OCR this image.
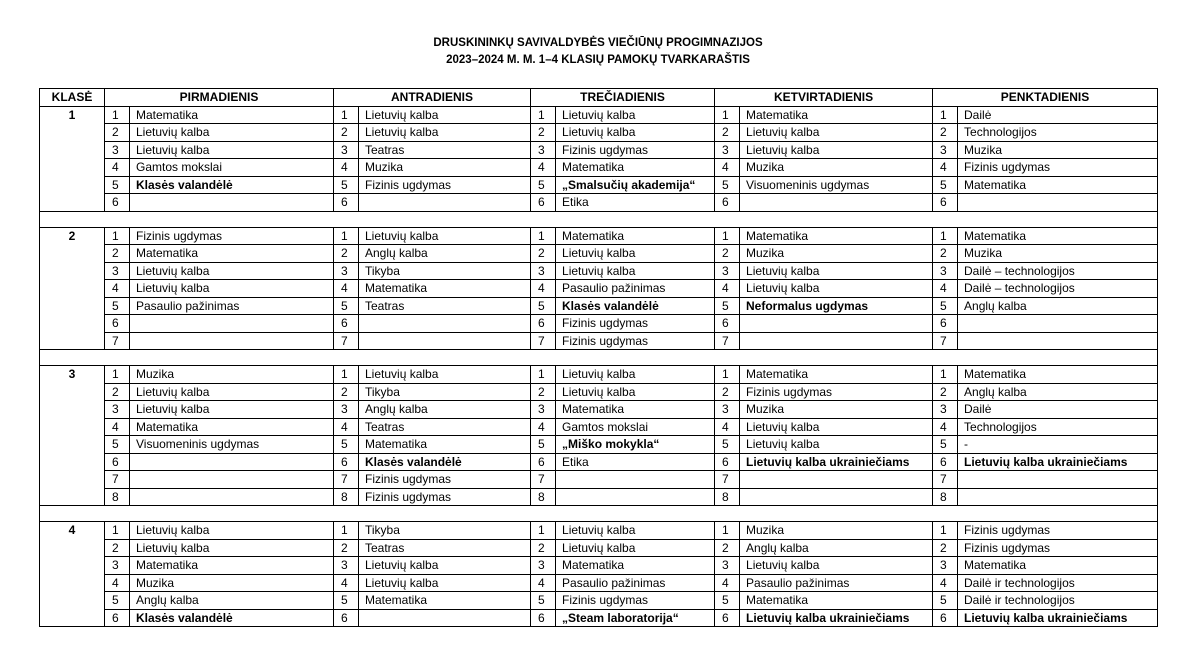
DRUSKININKŲ SAVIVALDYBĖS VIEČIŪNŲ PROGIMNAZIJOS
2023–2024 M. M. 1–4 KLASIŲ PAMOKŲ TVARKARAŠTIS
KLASĖ	PIRMADIENIS		ANTRADIENIS		TREČIADIENIS		KETVIRTADIENIS		PENKTADIENIS	
1	1	Matematika	1	Lietuvių kalba	1	Lietuvių kalba	1	Matematika	1	Dailė
	2	Lietuvių kalba	2	Lietuvių kalba	2	Lietuvių kalba	2	Lietuvių kalba	2	Technologijos
	3	Lietuvių kalba	3	Teatras	3	Fizinis ugdymas	3	Lietuvių kalba	3	Muzika
	4	Gamtos mokslai	4	Muzika	4	Matematika	4	Muzika	4	Fizinis ugdymas
	5	Klasės valandėlė	5	Fizinis ugdymas	5	„Smalsučių akademija“	5	Visuomeninis ugdymas	5	Matematika
	6		6		6	Etika	6		6	

2	1	Fizinis ugdymas	1	Lietuvių kalba	1	Matematika	1	Matematika	1	Matematika
	2	Matematika	2	Anglų kalba	2	Lietuvių kalba	2	Muzika	2	Muzika
	3	Lietuvių kalba	3	Tikyba	3	Lietuvių kalba	3	Lietuvių kalba	3	Dailė – technologijos
	4	Lietuvių kalba	4	Matematika	4	Pasaulio pažinimas	4	Lietuvių kalba	4	Dailė – technologijos
	5	Pasaulio pažinimas	5	Teatras	5	Klasės valandėlė	5	Neformalus ugdymas	5	Anglų kalba
	6		6		6	Fizinis ugdymas	6		6	
	7		7		7	Fizinis ugdymas	7		7	

3	1	Muzika	1	Lietuvių kalba	1	Lietuvių kalba	1	Matematika	1	Matematika
	2	Lietuvių kalba	2	Tikyba	2	Lietuvių kalba	2	Fizinis ugdymas	2	Anglų kalba
	3	Lietuvių kalba	3	Anglų kalba	3	Matematika	3	Muzika	3	Dailė
	4	Matematika	4	Teatras	4	Gamtos mokslai	4	Lietuvių kalba	4	Technologijos
	5	Visuomeninis ugdymas	5	Matematika	5	„Miško mokykla“	5	Lietuvių kalba	5	-
	6		6	Klasės valandėlė	6	Etika	6	Lietuvių kalba ukrainiečiams	6	Lietuvių kalba ukrainiečiams
	7		7	Fizinis ugdymas	7		7		7	
	8		8	Fizinis ugdymas	8		8		8	

4	1	Lietuvių kalba	1	Tikyba	1	Lietuvių kalba	1	Muzika	1	Fizinis ugdymas
	2	Lietuvių kalba	2	Teatras	2	Lietuvių kalba	2	Anglų kalba	2	Fizinis ugdymas
	3	Matematika	3	Lietuvių kalba	3	Matematika	3	Lietuvių kalba	3	Matematika
	4	Muzika	4	Lietuvių kalba	4	Pasaulio pažinimas	4	Pasaulio pažinimas	4	Dailė ir technologijos
	5	Anglų kalba	5	Matematika	5	Fizinis ugdymas	5	Matematika	5	Dailė ir technologijos
	6	Klasės valandėlė	6		6	„Steam laboratorija“	6	Lietuvių kalba ukrainiečiams	6	Lietuvių kalba ukrainiečiams
